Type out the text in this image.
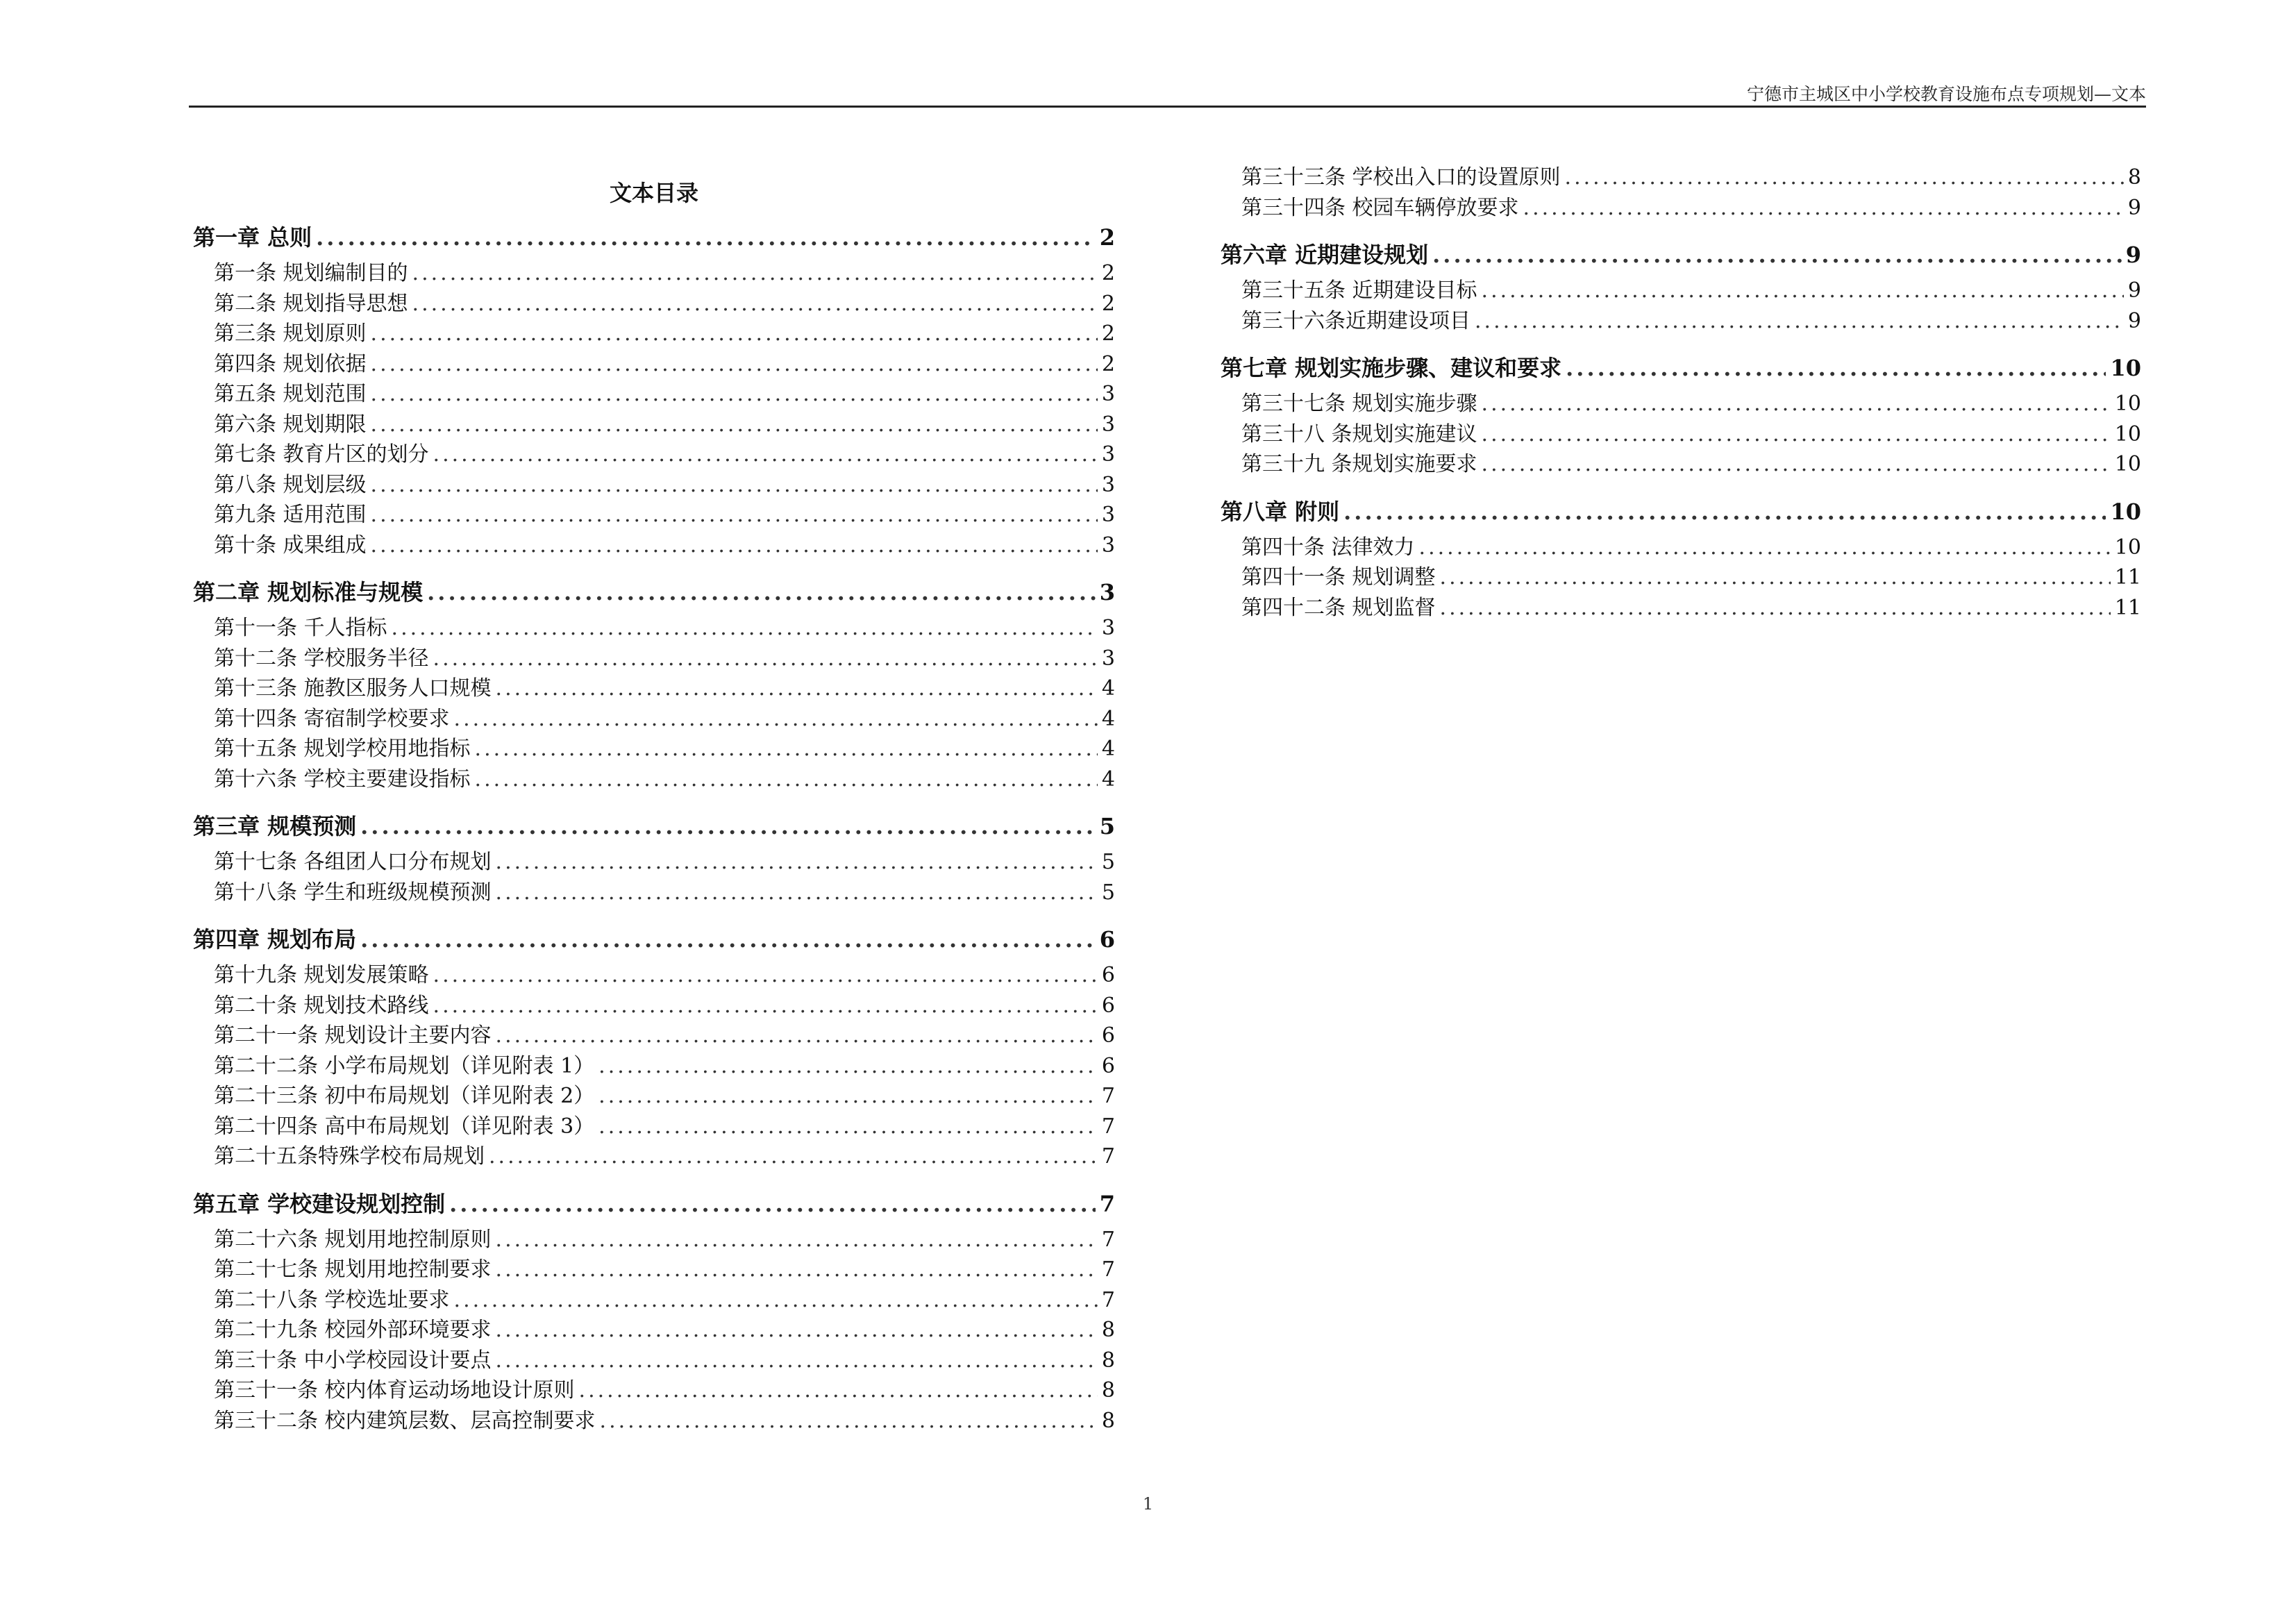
宁德市主城区中小学校教育设施布点专项规划—文本
文本目录
第一章 总则 .....	2
第一条 规划编制目的 .....	2
第二条 规划指导思想 .....	2
第三条 规划原则 .....	2
第四条 规划依据 .....	2
第五条 规划范围 .....	3
第六条 规划期限 .....	3
第七条 教育片区的划分 .....	3
第八条 规划层级 .....	3
第九条 适用范围 .....	3
第十条 成果组成 .....	3
第二章 规划标准与规模 .....	3
第十一条 千人指标 .....	3
第十二条 学校服务半径 .....	3
第十三条 施教区服务人口规模 .....	4
第十四条 寄宿制学校要求 .....	4
第十五条 规划学校用地指标 .....	4
第十六条 学校主要建设指标 .....	4
第三章 规模预测 .....	5
第十七条 各组团人口分布规划 .....	5
第十八条 学生和班级规模预测 .....	5
第四章 规划布局 .....	6
第十九条 规划发展策略 .....	6
第二十条 规划技术路线 .....	6
第二十一条 规划设计主要内容 .....	6
第二十二条 小学布局规划（详见附表 1） .....	6
第二十三条 初中布局规划（详见附表 2） .....	7
第二十四条 高中布局规划（详见附表 3） .....	7
第二十五条特殊学校布局规划 .....	7
第五章 学校建设规划控制 .....	7
第二十六条 规划用地控制原则 .....	7
第二十七条 规划用地控制要求 .....	7
第二十八条 学校选址要求 .....	7
第二十九条 校园外部环境要求 .....	8
第三十条 中小学校园设计要点 .....	8
第三十一条 校内体育运动场地设计原则 .....	8
第三十二条 校内建筑层数、层高控制要求 .....	8
第三十三条 学校出入口的设置原则 .....	8
第三十四条 校园车辆停放要求 .....	9
第六章 近期建设规划 .....	9
第三十五条 近期建设目标 .....	9
第三十六条近期建设项目 .....	9
第七章 规划实施步骤、建议和要求 .....	10
第三十七条 规划实施步骤 .....	10
第三十八 条规划实施建议 .....	10
第三十九 条规划实施要求 .....	10
第八章 附则 .....	10
第四十条 法律效力 .....	10
第四十一条 规划调整 .....	11
第四十二条 规划监督 .....	11
1
